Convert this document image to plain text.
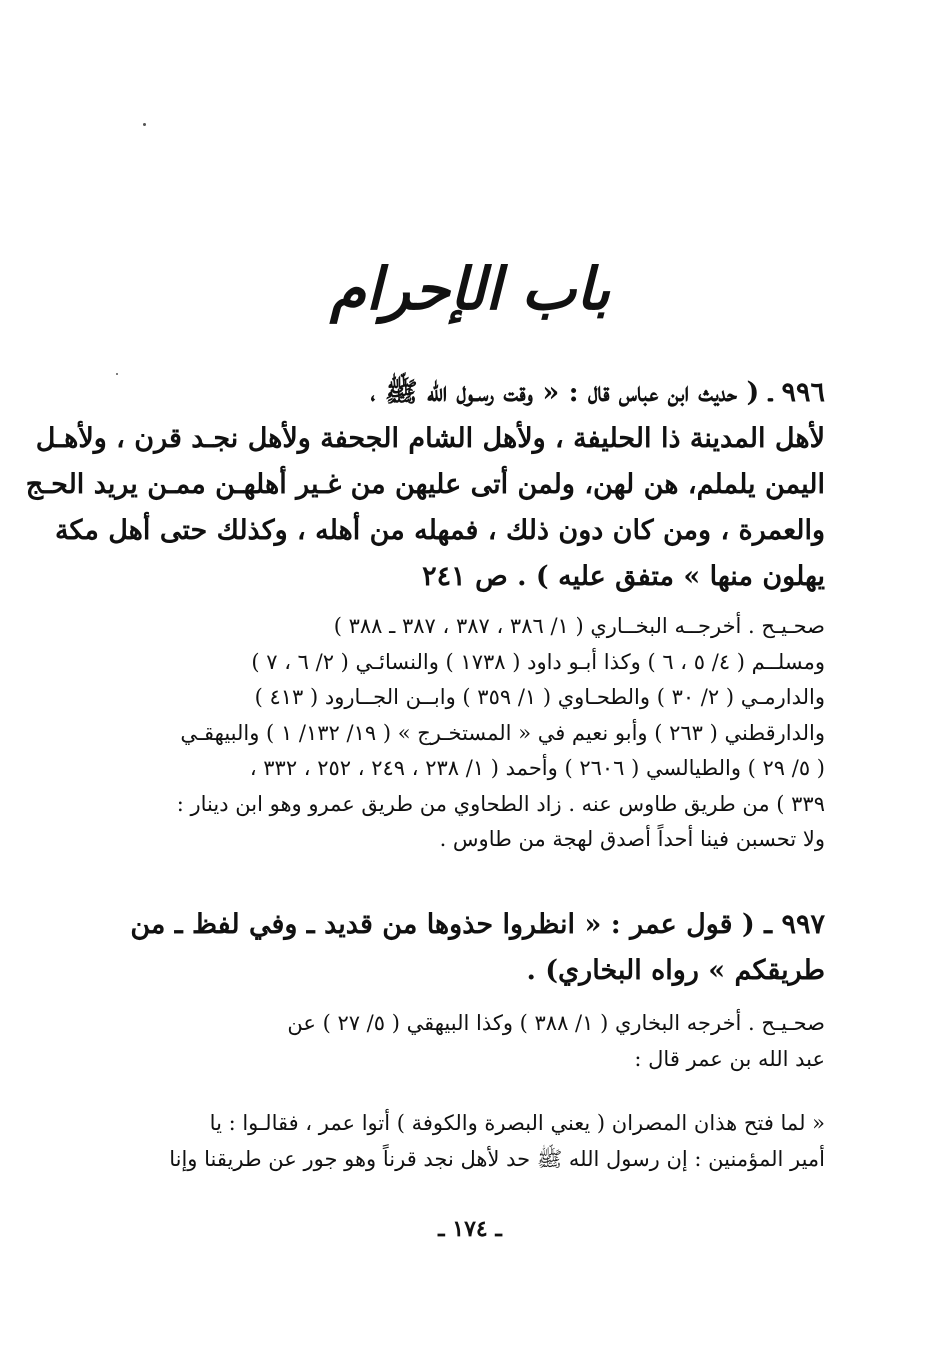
باب الإحرام
٩٩٦ ـ ( حديث ابن عباس قال : « وقت رسـول الله ﷺ ،
لأهل المدينة ذا الحليفة ، ولأهل الشام الجحفة ولأهل نجـد قرن ، ولأهـل
اليمن يلملم، هن لهن، ولمن أتى عليهن من غـير أهلهـن ممـن يريد الحـج
والعمرة ، ومن كان دون ذلك ، فمهله من أهله ، وكذلك حتى أهل مكة
يهلون منها » متفق عليه ) . ص ٢٤١
صحـيـح . أخرجــه البخــاري ( ١/ ٣٨٦ ، ٣٨٧ ، ٣٨٧ ـ ٣٨٨ )
ومسلــم ( ٤/ ٥ ، ٦ ) وكذا أبـو داود ( ١٧٣٨ ) والنسائـي ( ٢/ ٦ ، ٧ )
والدارمـي ( ٢/ ٣٠ ) والطحـاوي ( ١/ ٣٥٩ ) وابــن الجــارود ( ٤١٣ )
والدارقطني ( ٢٦٣ ) وأبو نعيم في « المستخـرج » ( ١٩/ ١٣٢/ ١ ) والبيهقـي
( ٥/ ٢٩ ) والطيالسي ( ٢٦٠٦ ) وأحمد ( ١/ ٢٣٨ ، ٢٤٩ ، ٢٥٢ ، ٣٣٢ ،
٣٣٩ ) من طريق طاوس عنه . زاد الطحاوي من طريق عمرو وهو ابن دينار :
ولا تحسبن فينا أحداً أصدق لهجة من طاوس .
٩٩٧ ـ ( قول عمر : « انظروا حذوها من قديد ـ وفي لفظ ـ من
طريقكم » رواه البخاري) .
صحـيـح . أخرجه البخاري ( ١/ ٣٨٨ ) وكذا البيهقي ( ٥/ ٢٧ ) عن
عبد الله بن عمر قال :
« لما فتح هذان المصران ( يعني البصرة والكوفة ) أتوا عمر ، فقالـوا : يا
أمير المؤمنين : إن رسول الله ﷺ حد لأهل نجد قرناً وهو جور عن طريقنا وإنا
ـ ١٧٤ ـ
